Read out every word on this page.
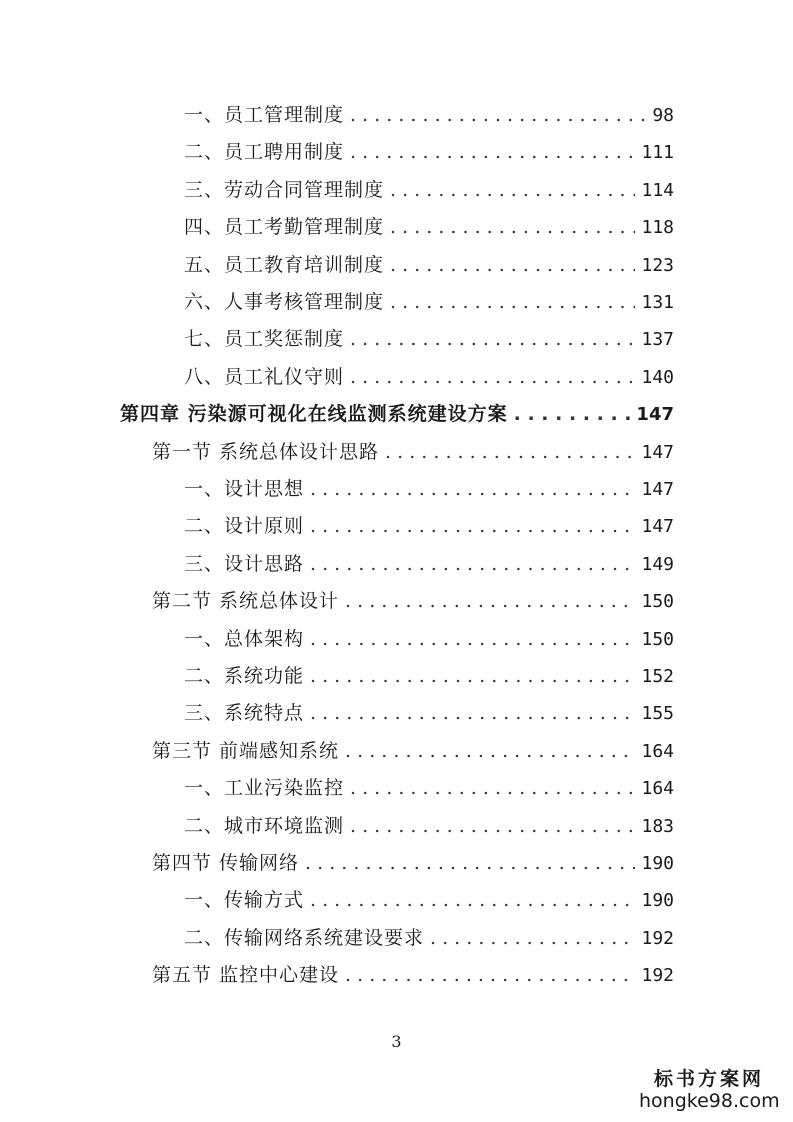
一、员工管理制度 . . .	98
二、员工聘用制度 . . .	111
三、劳动合同管理制度 . . .	114
四、员工考勤管理制度 . . .	118
五、员工教育培训制度 . . .	123
六、人事考核管理制度 . . .	131
七、员工奖惩制度 . . .	137
八、员工礼仪守则 . . .	140
第四章 污染源可视化在线监测系统建设方案 . . .	147
第一节 系统总体设计思路 . . .	147
一、设计思想 . . .	147
二、设计原则 . . .	147
三、设计思路 . . .	149
第二节 系统总体设计 . . .	150
一、总体架构 . . .	150
二、系统功能 . . .	152
三、系统特点 . . .	155
第三节 前端感知系统 . . .	164
一、工业污染监控 . . .	164
二、城市环境监测 . . .	183
第四节 传输网络 . . .	190
一、传输方式 . . .	190
二、传输网络系统建设要求 . . .	192
第五节 监控中心建设 . . .	192
3
标书方案网
hongke98.com
